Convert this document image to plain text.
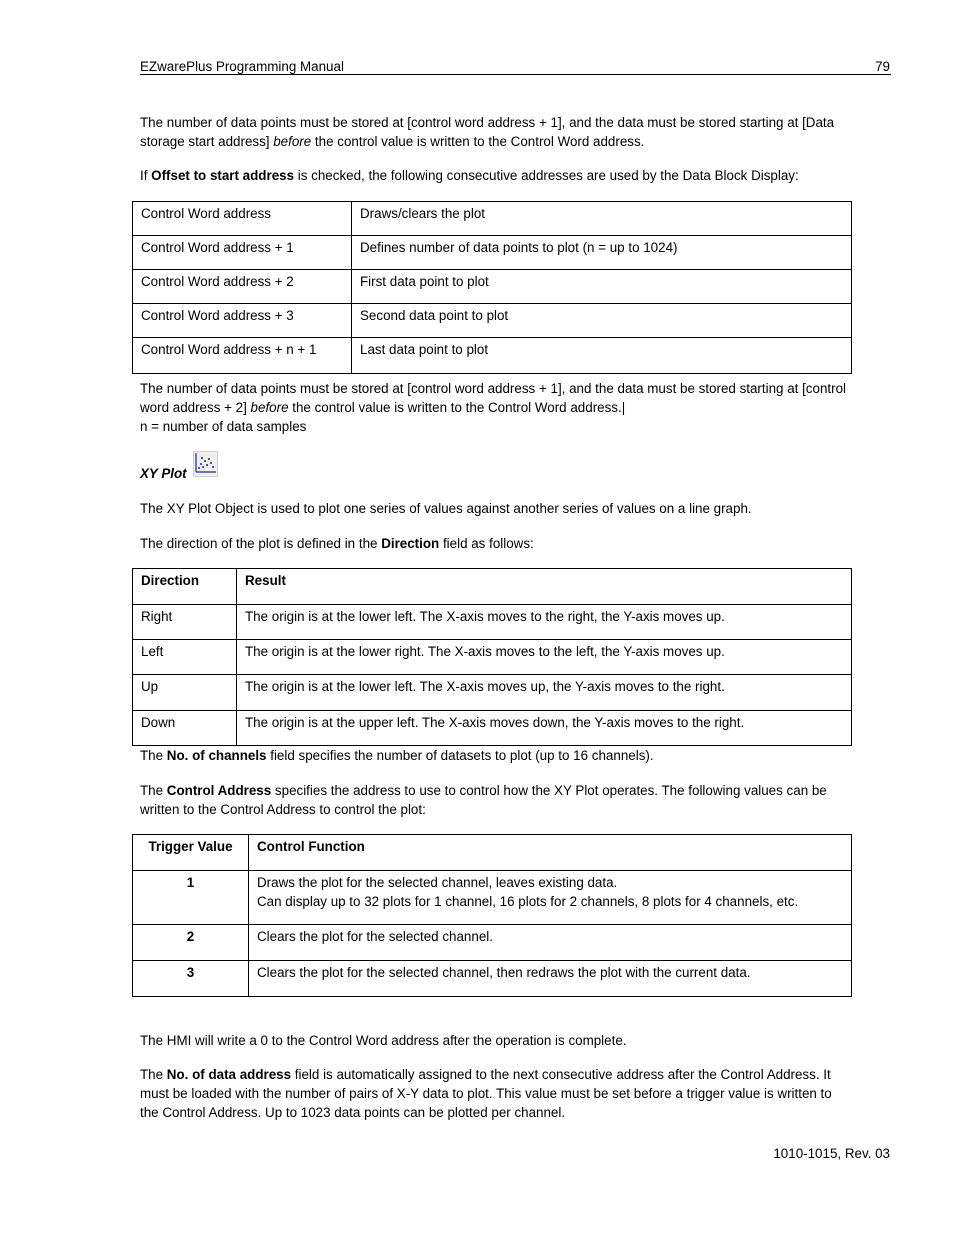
EZwarePlus Programming Manual	79

The number of data points must be stored at [control word address + 1], and the data must be stored starting at [Data storage start address] before the control value is written to the Control Word address.

If Offset to start address is checked, the following consecutive addresses are used by the Data Block Display:

Control Word address	Draws/clears the plot
Control Word address + 1	Defines number of data points to plot (n = up to 1024)
Control Word address + 2	First data point to plot
Control Word address + 3	Second data point to plot
Control Word address + n + 1	Last data point to plot

The number of data points must be stored at [control word address + 1], and the data must be stored starting at [control word address + 2] before the control value is written to the Control Word address.|
n = number of data samples

XY Plot

The XY Plot Object is used to plot one series of values against another series of values on a line graph.

The direction of the plot is defined in the Direction field as follows:

Direction	Result
Right	The origin is at the lower left. The X-axis moves to the right, the Y-axis moves up.
Left	The origin is at the lower right. The X-axis moves to the left, the Y-axis moves up.
Up	The origin is at the lower left. The X-axis moves up, the Y-axis moves to the right.
Down	The origin is at the upper left. The X-axis moves down, the Y-axis moves to the right.

The No. of channels field specifies the number of datasets to plot (up to 16 channels).

The Control Address specifies the address to use to control how the XY Plot operates. The following values can be written to the Control Address to control the plot:

Trigger Value	Control Function
1	Draws the plot for the selected channel, leaves existing data.
Can display up to 32 plots for 1 channel, 16 plots for 2 channels, 8 plots for 4 channels, etc.
2	Clears the plot for the selected channel.
3	Clears the plot for the selected channel, then redraws the plot with the current data.

The HMI will write a 0 to the Control Word address after the operation is complete.

The No. of data address field is automatically assigned to the next consecutive address after the Control Address. It must be loaded with the number of pairs of X-Y data to plot. This value must be set before a trigger value is written to the Control Address. Up to 1023 data points can be plotted per channel.

1010-1015, Rev. 03
